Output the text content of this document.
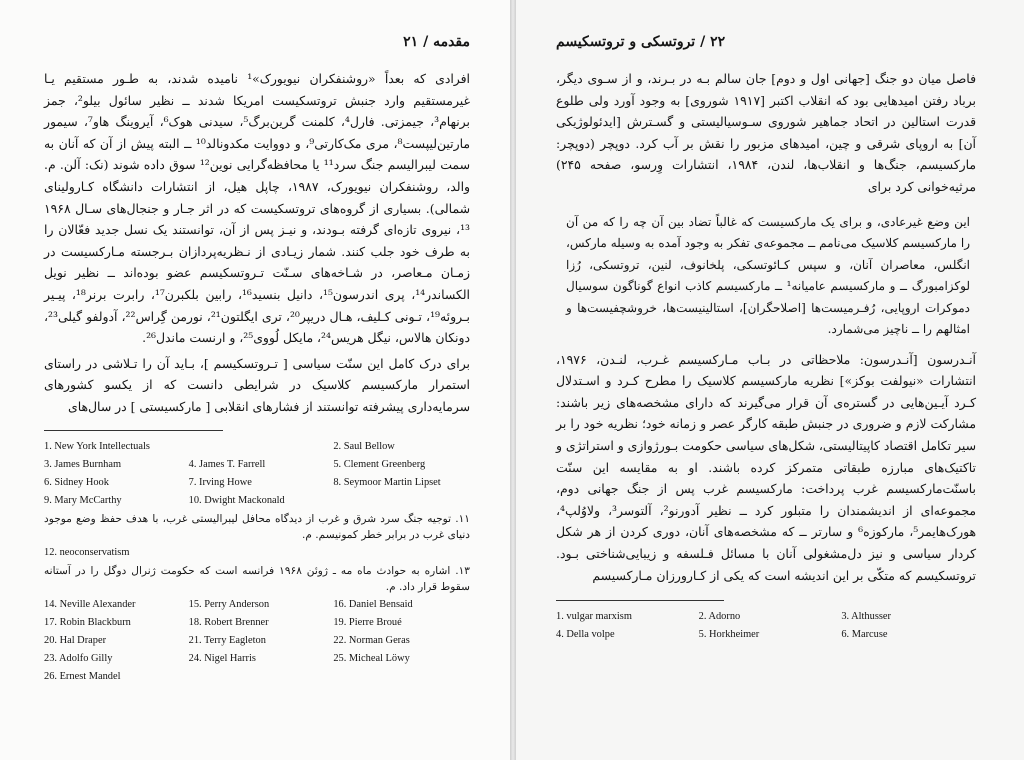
مقدمه / ۲۱

افرادی که بعداً «روشنفکران نیویورک»¹ نامیده شدند، به طـور مستقیم یـا غیرمستقیم وارد جنبش تروتسکیست امریکا شدند ــ نظیر سائول بیلو²، جمز برنهام³، جیمزتی. فارل⁴، کلمنت گرین‌برگ⁵، سیدنی هوک⁶، آیروینگ هاو⁷، سیمور مارتین‌لیپست⁸، مری مک‌کارتی⁹، و دووایت مکدونالد¹⁰ ــ البته پیش از آن که آنان به سمت لیبرالیسم جنگ سرد¹¹ یا محافظه‌گرایی نوین¹² سوق داده شوند (نک: آلن. م. والد، روشنفکران نیویورک، ۱۹۸۷، چاپل هیل، از انتشارات دانشگاه کـارولینای شمالی). بسیاری از گروه‌های تروتسکیست که در اثر جـار و جنجال‌های سـال ۱۹۶۸ ¹³، نیروی تازه‌ای گرفته بـودند، و نیـز پس از آن، توانستند یک نسل جدید فعّالان را به طرف خود جلب کنند. شمار زیـادی از نـظریه‌پردازان بـرجسته مـارکسیست در زمـان مـعاصر، در شـاخه‌های سـنّت تـروتسکیسم عضو بوده‌اند ــ نظیر نویل الکساندر¹⁴، پری اندرسون¹⁵، دانیل بنسید¹⁶، رابین بلکبرن¹⁷، رابرت برنر¹⁸، پیـیر بـروئه¹⁹، تـونی کـلیف، هـال دریپر²⁰، تری ایگلتون²¹، نورمن گِراس²²، آدولفو گیلی²³، دونکان هالاس، نیگل هریس²⁴، مایکل لُووی²⁵، و ارنست ماندل²⁶.

برای درک کامل این سنّت سیاسی [ تـروتسکیسم ]، بـاید آن را تـلاشی در راستای استمرار مارکسیسم کلاسیک در شرایطی دانست که از یکسو کشورهای سرمایه‌داری پیشرفته توانستند از فشارهای انقلابی [ مارکسیستی ] در سال‌های

1. New York Intellectuals	2. Saul Bellow
3. James Burnham	4. James T. Farrell	5. Clement Greenberg
6. Sidney Hook	7. Irving Howe	8. Seymoor Martin Lipset
9. Mary McCarthy	10. Dwight Mackonald

۱۱. توجیه جنگ سرد شرق و غرب از دیدگاه محافل لیبرالیستی غرب، با هدف حفظ وضع موجود دنیای غرب در برابر خطر کمونیسم. م.

12. neoconservatism

۱۳. اشاره به حوادث ماه مه ـ ژوئن ۱۹۶۸ فرانسه است که حکومت ژنرال دوگل را در آستانه سقوط قرار داد. م.

14. Neville Alexander	15. Perry Anderson	16. Daniel Bensaid
17. Robin Blackburn	18. Robert Brenner	19. Pierre Broué
20. Hal Draper	21. Terry Eagleton	22. Norman Geras
23. Adolfo Gilly	24. Nigel Harris	25. Micheal Löwy
26. Ernest Mandel
۲۲ / تروتسکی و تروتسکیسم

فاصل میان دو جنگ [جهانی اول و دوم] جان سالم بـه در بـرند، و از سـوی دیگر، برباد رفتن امیدهایی بود که انقلاب اکتبر [۱۹۱۷ شوروی] به وجود آورد ولی طلوع قدرت استالین در اتحاد جماهیر شوروی سـوسیالیستی و گسـترش [ایدئولوژیکی آن] به اروپای شرقی و چین، امیدهای مزبور را نقش بر آب کرد. دوپچر (دوپچر: مارکسیسم، جنگ‌ها و انقلاب‌ها، لندن، ۱۹۸۴، انتشارات وِرسو، صفحه ۲۴۵) مرثیه‌خوانی کرد برای

این وضع غیرعادی، و برای یک مارکسیست که غالباً تضاد بین آن چه را که من آن را مارکسیسم کلاسیک می‌نامم ــ مجموعه‌ی تفکر به وجود آمده به وسیله مارکس، انگلس، معاصران آنان، و سپس کـائوتسکی، پلخانوف، لنین، تروتسکی، رُزا لوکزامبورگ ــ و مارکسیسم عامیانه¹ ــ مارکسیسم کاذب انواع گوناگون سوسیال دموکرات اروپایی، رُفـرمیست‌ها [اصلاحگران]، استالینیست‌ها، خروشچفیست‌ها و امثالهم را ــ ناچیز می‌شمارد.

آنـدرسون [آنـدرسون: ملاحظاتی در بـاب مـارکسیسم غـرب، لنـدن، ۱۹۷۶، انتشارات «نیولفت بوکز»] نظریه مارکسیسم کلاسیک را مطرح کـرد و اسـتدلال کـرد آیـین‌هایی در گستره‌ی آن قرار می‌گیرند که دارای مشخصه‌های زیر باشند: مشارکت لازم و ضروری در جنبش طبقه کارگر عصر و زمانه خود؛ نظریه خود را بر سیر تکامل اقتصاد کاپیتالیستی، شکل‌های سیاسی حکومت بـورژوازی و استراتژی و تاکتیک‌های مبارزه طبقاتی متمرکز کرده باشند. او به مقایسه این سنّت باسنّت‌مارکسیسم غرب پرداخت: مارکسیسم غرب پس از جنگ جهانی دوم، مجموعه‌ای از اندیشمندان را متبلور کرد ــ نظیر آدورنو²، آلتوسر³، ولاوُلپ⁴، هورک‌هایمر⁵، مارکوزه⁶ و سارتر ــ که مشخصه‌های آنان، دوری کردن از هر شکل کردار سیاسی و نیز دل‌مشغولی آنان با مسائل فـلسفه و زیبایی‌شناختی بـود. تروتسکیسم که متکّی بر این اندیشه است که یکی از کـارورزان مـارکسیسم

1. vulgar marxism	2. Adorno	3. Althusser
4. Della volpe	5. Horkheimer	6. Marcuse
